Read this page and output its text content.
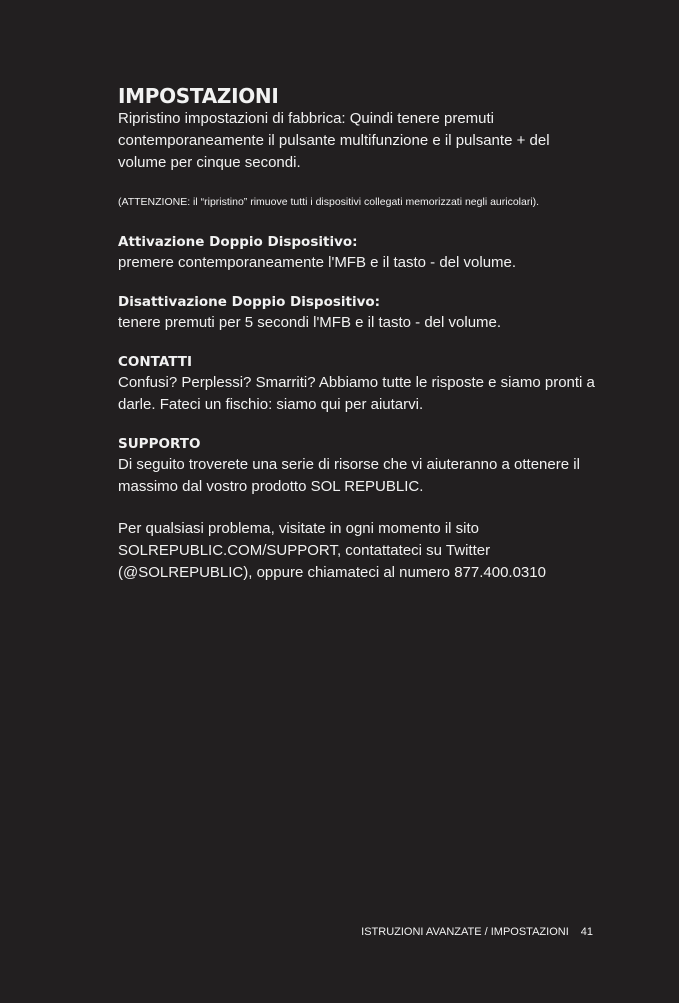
IMPOSTAZIONI

Ripristino impostazioni di fabbrica: Quindi tenere premuti contemporaneamente il pulsante multifunzione e il pulsante + del volume per cinque secondi.

(ATTENZIONE: il “ripristino” rimuove tutti i dispositivi collegati memorizzati negli auricolari).

Attivazione Doppio Dispositivo:

premere contemporaneamente l'MFB e il tasto - del volume.

Disattivazione Doppio Dispositivo:

tenere premuti per 5 secondi l'MFB e il tasto - del volume.

CONTATTI

Confusi? Perplessi? Smarriti? Abbiamo tutte le risposte e siamo pronti a darle. Fateci un fischio: siamo qui per aiutarvi.

SUPPORTO

Di seguito troverete una serie di risorse che vi aiuteranno a ottenere il massimo dal vostro prodotto SOL REPUBLIC.

Per qualsiasi problema, visitate in ogni momento il sito SOLREPUBLIC.COM/SUPPORT, contattateci su Twitter (@SOLREPUBLIC), oppure chiamateci al numero 877.400.0310

ISTRUZIONI AVANZATE / IMPOSTAZIONI 41
